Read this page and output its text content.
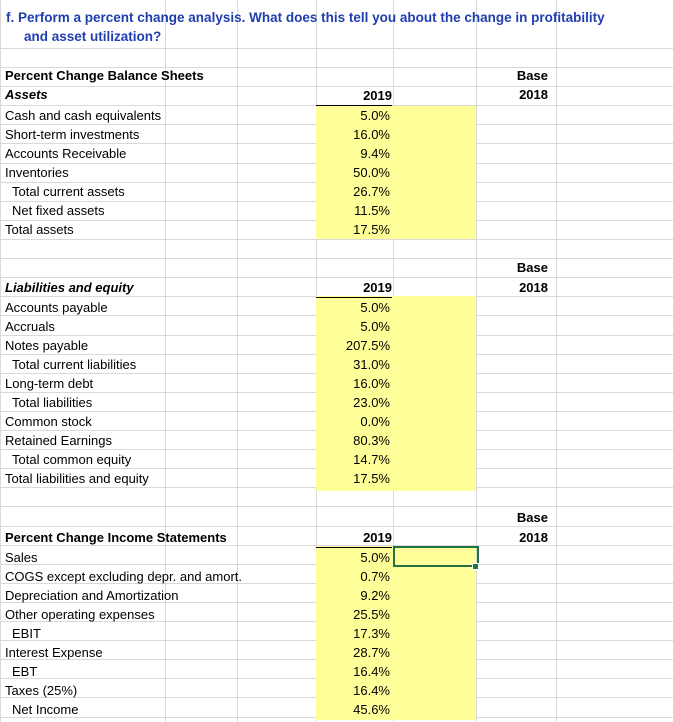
f. Perform a percent change analysis. What does this tell you about the change in profitability
and asset utilization?
Percent Change Balance Sheets
Assets
Base
2018
2019
Cash and cash equivalents	5.0%
Short-term investments	16.0%
Accounts Receivable	9.4%
Inventories	50.0%
Total current assets	26.7%
Net fixed assets	11.5%
Total assets	17.5%
Base
2018
Liabilities and equity	2019
Accounts payable	5.0%
Accruals	5.0%
Notes payable	207.5%
Total current liabilities	31.0%
Long-term debt	16.0%
Total liabilities	23.0%
Common stock	0.0%
Retained Earnings	80.3%
Total common equity	14.7%
Total liabilities and equity	17.5%
Base
2018
Percent Change Income Statements	2019
Sales	5.0%
COGS except excluding depr. and amort.	0.7%
Depreciation and Amortization	9.2%
Other operating expenses	25.5%
EBIT	17.3%
Interest Expense	28.7%
EBT	16.4%
Taxes (25%)	16.4%
Net Income	45.6%
